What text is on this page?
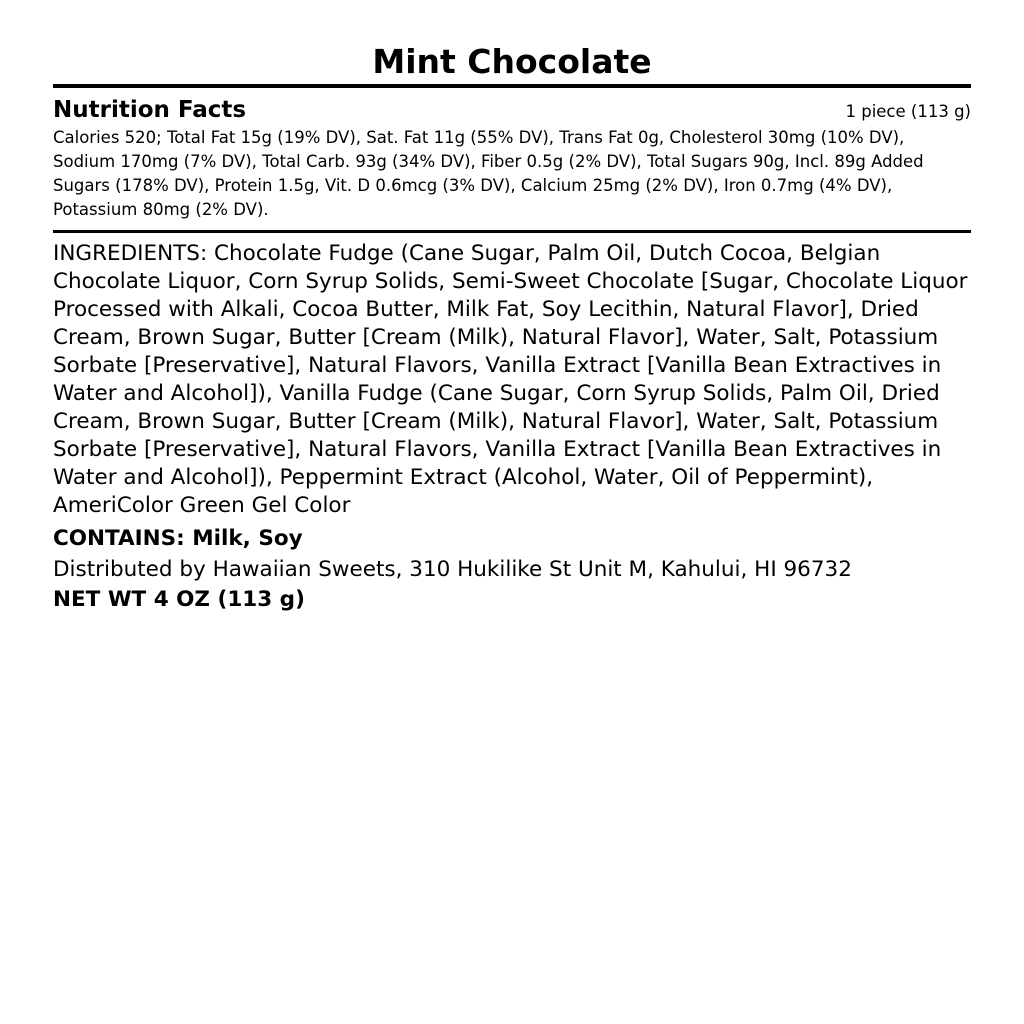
Mint Chocolate
Nutrition Facts	1 piece (113 g)
Calories 520; Total Fat 15g (19% DV), Sat. Fat 11g (55% DV), Trans Fat 0g, Cholesterol 30mg (10% DV), Sodium 170mg (7% DV), Total Carb. 93g (34% DV), Fiber 0.5g (2% DV), Total Sugars 90g, Incl. 89g Added Sugars (178% DV), Protein 1.5g, Vit. D 0.6mcg (3% DV), Calcium 25mg (2% DV), Iron 0.7mg (4% DV), Potassium 80mg (2% DV).
INGREDIENTS: Chocolate Fudge (Cane Sugar, Palm Oil, Dutch Cocoa, Belgian Chocolate Liquor, Corn Syrup Solids, Semi-Sweet Chocolate [Sugar, Chocolate Liquor Processed with Alkali, Cocoa Butter, Milk Fat, Soy Lecithin, Natural Flavor], Dried Cream, Brown Sugar, Butter [Cream (Milk), Natural Flavor], Water, Salt, Potassium Sorbate [Preservative], Natural Flavors, Vanilla Extract [Vanilla Bean Extractives in Water and Alcohol]), Vanilla Fudge (Cane Sugar, Corn Syrup Solids, Palm Oil, Dried Cream, Brown Sugar, Butter [Cream (Milk), Natural Flavor], Water, Salt, Potassium Sorbate [Preservative], Natural Flavors, Vanilla Extract [Vanilla Bean Extractives in Water and Alcohol]), Peppermint Extract (Alcohol, Water, Oil of Peppermint), AmeriColor Green Gel Color
CONTAINS: Milk, Soy
Distributed by Hawaiian Sweets, 310 Hukilike St Unit M, Kahului, HI 96732
NET WT 4 OZ (113 g)
